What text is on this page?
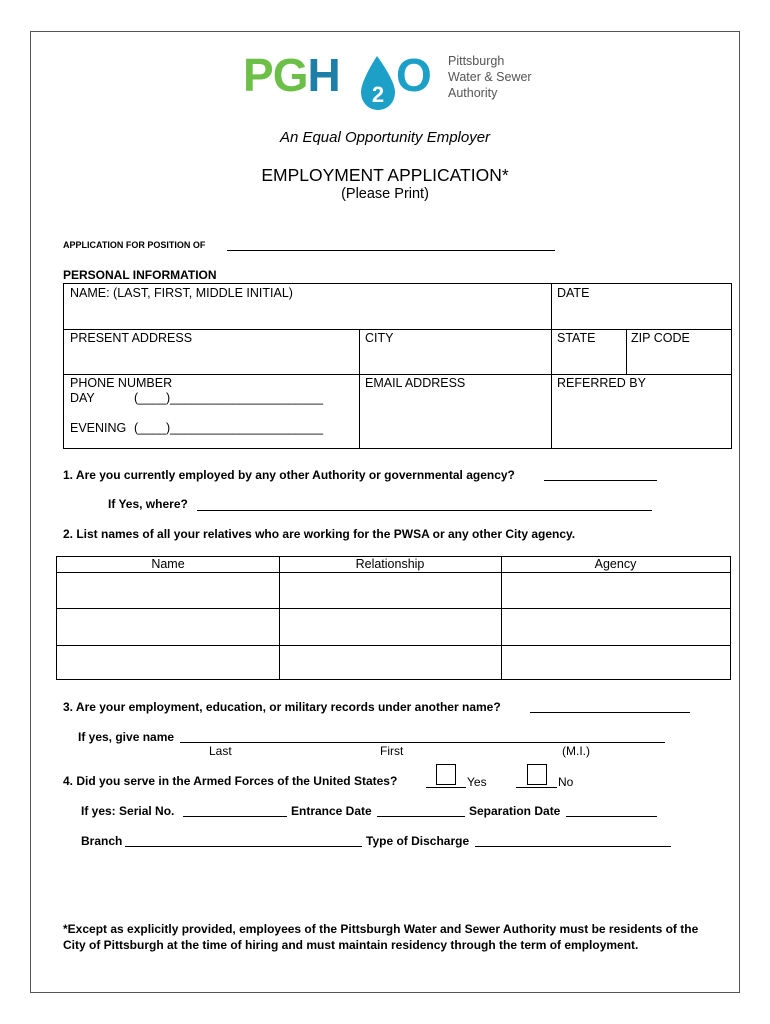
PGH 2 O Pittsburgh
Water & Sewer
Authority
An Equal Opportunity Employer
EMPLOYMENT APPLICATION*
(Please Print)
APPLICATION FOR POSITION OF
PERSONAL INFORMATION
NAME: (LAST, FIRST, MIDDLE INITIAL)	DATE
PRESENT ADDRESS	CITY	STATE	ZIP CODE
PHONE NUMBER
DAY	(____)______________________
EVENING (____)______________________
EMAIL ADDRESS	REFERRED BY
1. Are you currently employed by any other Authority or governmental agency?
If Yes, where?
2. List names of all your relatives who are working for the PWSA or any other City agency.
Name	Relationship	Agency
3. Are your employment, education, or military records under another name?
If yes, give name
Last	First	(M.I.)
4. Did you serve in the Armed Forces of the United States?	Yes	No
If yes: Serial No.	Entrance Date	Separation Date
Branch	Type of Discharge
*Except as explicitly provided, employees of the Pittsburgh Water and Sewer Authority must be residents of the City of Pittsburgh at the time of hiring and must maintain residency through the term of employment.
